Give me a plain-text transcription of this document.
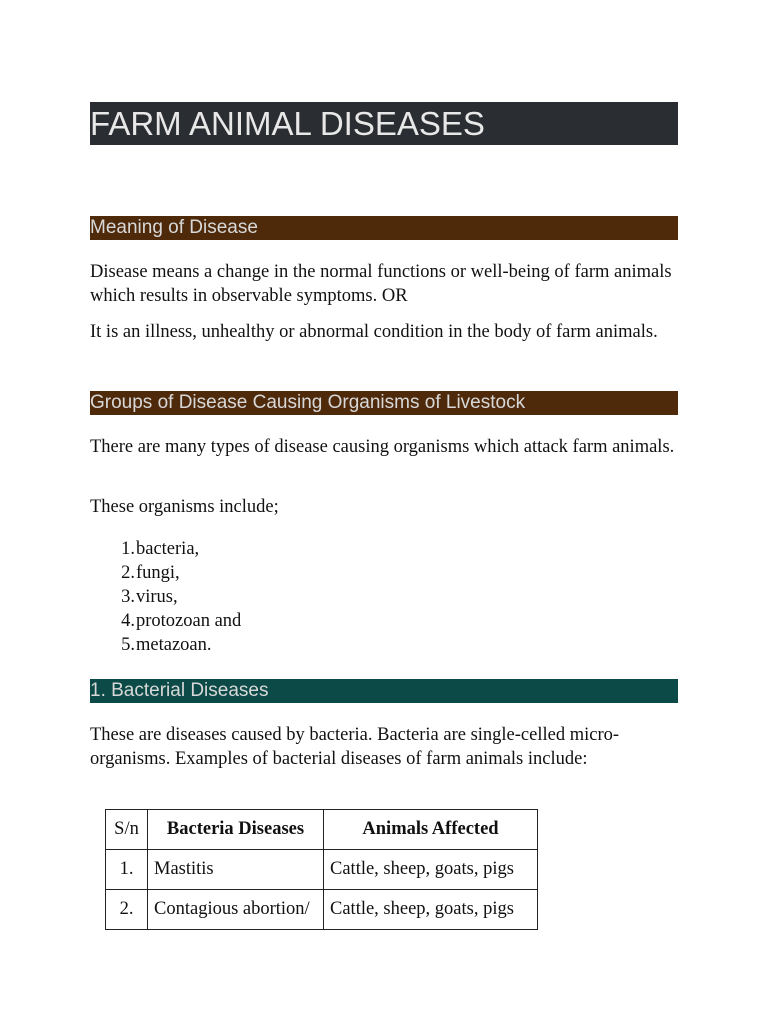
FARM ANIMAL DISEASES
Meaning of Disease

Disease means a change in the normal functions or well-being of farm animals which results in observable symptoms. OR

It is an illness, unhealthy or abnormal condition in the body of farm animals.

Groups of Disease Causing Organisms of Livestock

There are many types of disease causing organisms which attack farm animals.

These organisms include;

1. bacteria,
2. fungi,
3. virus,
4. protozoan and
5. metazoan.
1. Bacterial Diseases

These are diseases caused by bacteria. Bacteria are single-celled micro-organisms. Examples of bacterial diseases of farm animals include:

S/n	Bacteria Diseases	Animals Affected
1.	Mastitis	Cattle, sheep, goats, pigs
2.	Contagious abortion/	Cattle, sheep, goats, pigs
